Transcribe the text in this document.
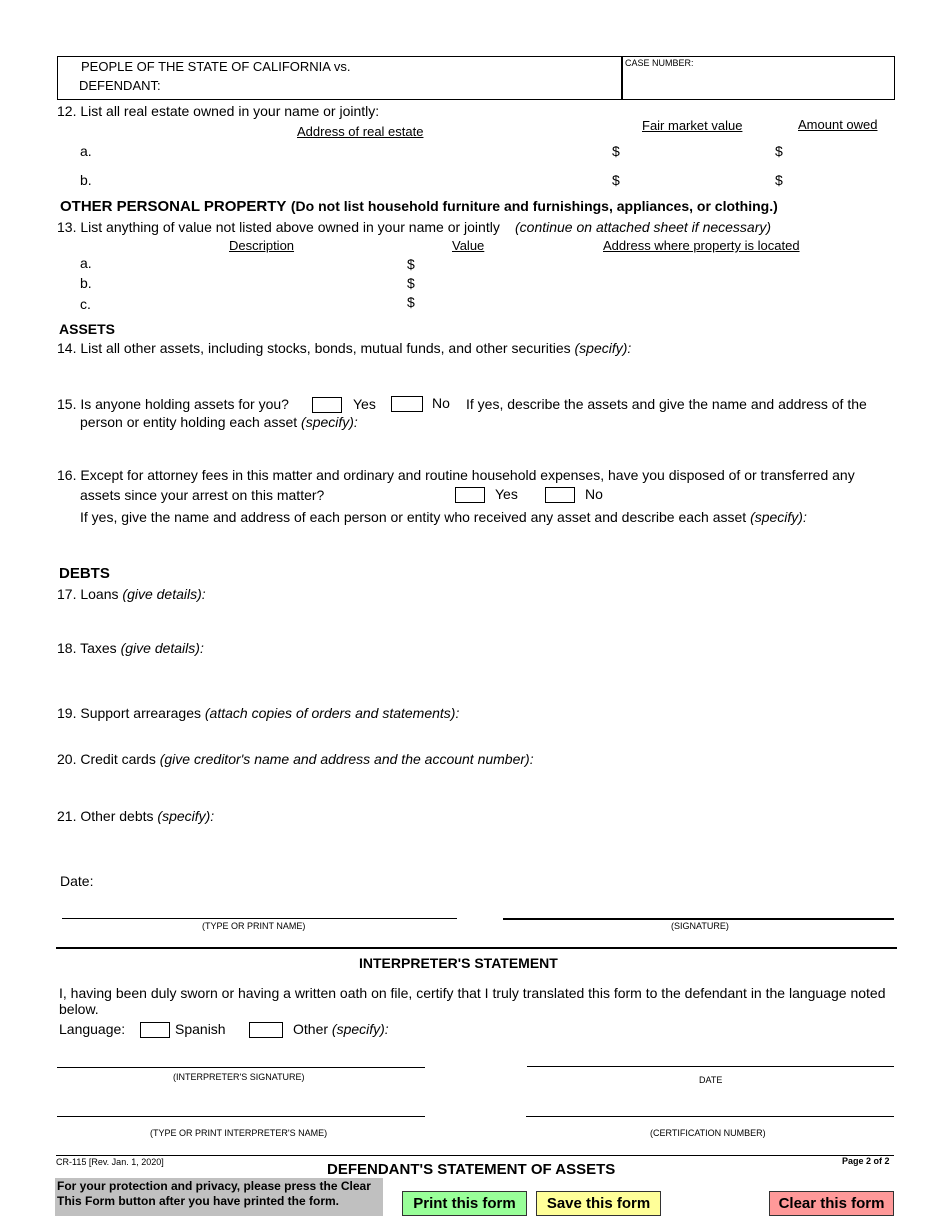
PEOPLE OF THE STATE OF CALIFORNIA vs.
DEFENDANT:
CASE NUMBER:
12. List all real estate owned in your name or jointly:
Address of real estate	Fair market value	Amount owed
a.	$	$
b.	$	$
OTHER PERSONAL PROPERTY (Do not list household furniture and furnishings, appliances, or clothing.)
13. List anything of value not listed above owned in your name or jointly (continue on attached sheet if necessary)
Description	Value	Address where property is located
a.	$
b.	$
c.	$
ASSETS
14. List all other assets, including stocks, bonds, mutual funds, and other securities (specify):
15. Is anyone holding assets for you?	Yes	No If yes, describe the assets and give the name and address of the
person or entity holding each asset (specify):
16. Except for attorney fees in this matter and ordinary and routine household expenses, have you disposed of or transferred any
assets since your arrest on this matter?	Yes	No
If yes, give the name and address of each person or entity who received any asset and describe each asset (specify):
DEBTS
17. Loans (give details):
18. Taxes (give details):
19. Support arrearages (attach copies of orders and statements):
20. Credit cards (give creditor's name and address and the account number):
21. Other debts (specify):
Date:
(TYPE OR PRINT NAME)	(SIGNATURE)
INTERPRETER'S STATEMENT
I, having been duly sworn or having a written oath on file, certify that I truly translated this form to the defendant in the language noted
below.
Language:	Spanish	Other (specify):
(INTERPRETER'S SIGNATURE)	DATE
(TYPE OR PRINT INTERPRETER'S NAME)	(CERTIFICATION NUMBER)
CR-115 [Rev. Jan. 1, 2020]	DEFENDANT'S STATEMENT OF ASSETS	Page 2 of 2
For your protection and privacy, please press the Clear
This Form button after you have printed the form.	Print this form	Save this form	Clear this form
